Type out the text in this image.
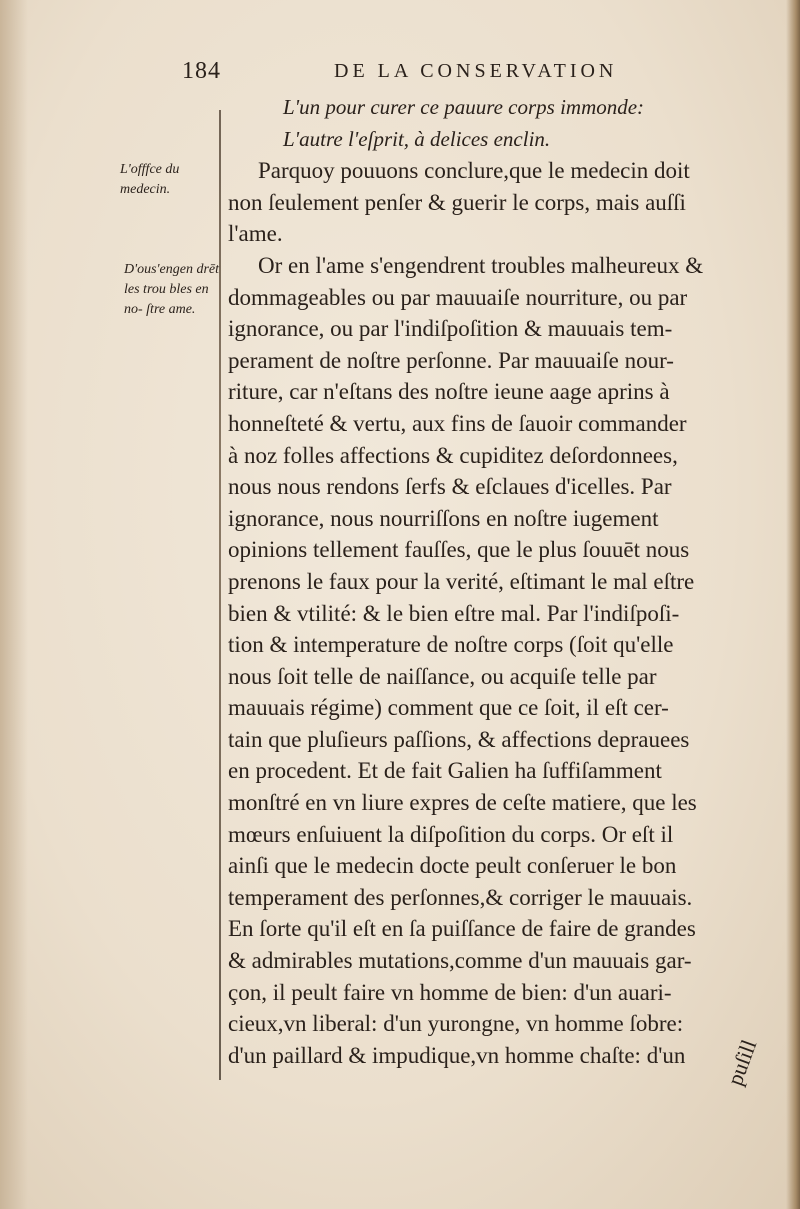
184	DE LA CONSERVATION
L'offfce du medecin.
D'ous'engen drēt les trou bles en no- ſtre ame.
L'un pour curer ce pauure corps immonde:
L'autre l'eſprit, à delices enclin.
Parquoy pouuons conclure,que le medecin doit
non ſeulement penſer & guerir le corps, mais auſſi
l'ame.
Or en l'ame s'engendrent troubles malheureux &
dommageables ou par mauuaiſe nourriture, ou par
ignorance, ou par l'indiſpoſition & mauuais tem-
perament de noſtre perſonne. Par mauuaiſe nour-
riture, car n'eſtans des noſtre ieune aage aprins à
honneſteté & vertu, aux fins de ſauoir commander
à noz folles affections & cupiditez deſordonnees,
nous nous rendons ſerfs & eſclaues d'icelles. Par
ignorance, nous nourriſſons en noſtre iugement
opinions tellement fauſſes, que le plus ſouuēt nous
prenons le faux pour la verité, eſtimant le mal eſtre
bien & vtilité: & le bien eſtre mal. Par l'indiſpoſi-
tion & intemperature de noſtre corps (ſoit qu'elle
nous ſoit telle de naiſſance, ou acquiſe telle par
mauuais régime) comment que ce ſoit, il eſt cer-
tain que pluſieurs paſſions, & affections deprauees
en procedent. Et de fait Galien ha ſuffiſamment
monſtré en vn liure expres de ceſte matiere, que les
mœurs enſuiuent la diſpoſition du corps. Or eſt il
ainſi que le medecin docte peult conſeruer le bon
temperament des perſonnes,& corriger le mauuais.
En ſorte qu'il eſt en ſa puiſſance de faire de grandes
& admirables mutations,comme d'un mauuais gar-
çon, il peult faire vn homme de bien: d'un auari-
cieux,vn liberal: d'un yurongne, vn homme ſobre:
d'un paillard & impudique,vn homme chaſte: d'un	puſill
